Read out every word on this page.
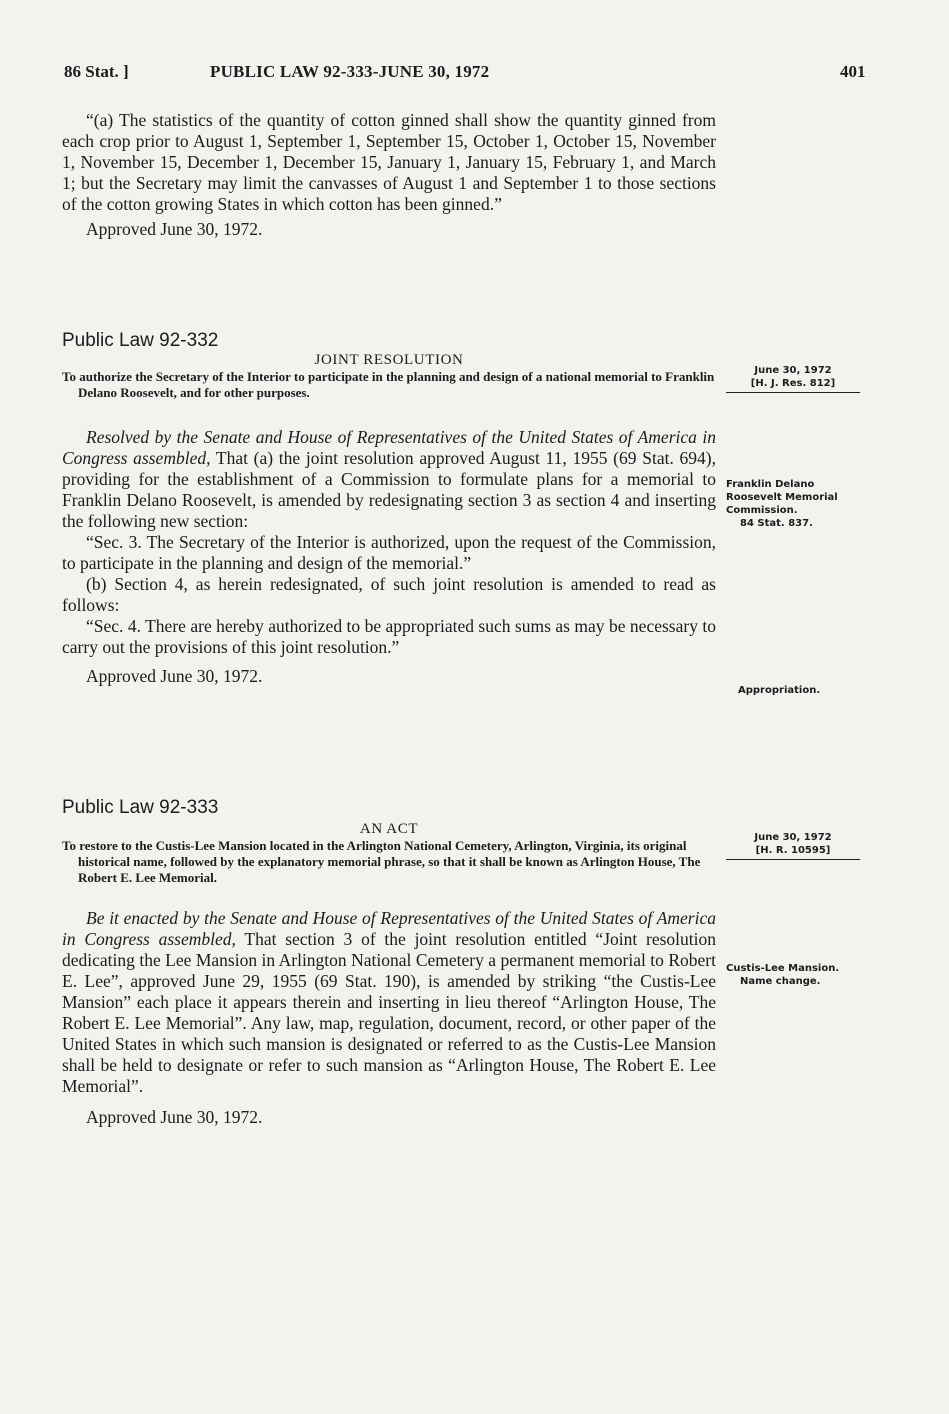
86 Stat. ]	PUBLIC LAW 92-333-JUNE 30, 1972	401

“(a) The statistics of the quantity of cotton ginned shall show the quantity ginned from each crop prior to August 1, September 1, September 15, October 1, October 15, November 1, November 15, December 1, December 15, January 1, January 15, February 1, and March 1; but the Secretary may limit the canvasses of August 1 and September 1 to those sections of the cotton growing States in which cotton has been ginned.”

Approved June 30, 1972.

Public Law 92-332

JOINT RESOLUTION

To authorize the Secretary of the Interior to participate in the planning and design of a national memorial to Franklin Delano Roosevelt, and for other purposes.

Resolved by the Senate and House of Representatives of the United States of America in Congress assembled, That (a) the joint resolution approved August 11, 1955 (69 Stat. 694), providing for the establishment of a Commission to formulate plans for a memorial to Franklin Delano Roosevelt, is amended by redesignating section 3 as section 4 and inserting the following new section:

“Sec. 3. The Secretary of the Interior is authorized, upon the request of the Commission, to participate in the planning and design of the memorial.”

(b) Section 4, as herein redesignated, of such joint resolution is amended to read as follows:

“Sec. 4. There are hereby authorized to be appropriated such sums as may be necessary to carry out the provisions of this joint resolution.”

Approved June 30, 1972.

June 30, 1972
[H. J. Res. 812]
Franklin Delano Roosevelt Memorial Commission.
84 Stat. 837.
Appropriation.

Public Law 92-333

AN ACT

To restore to the Custis-Lee Mansion located in the Arlington National Cemetery, Arlington, Virginia, its original historical name, followed by the explanatory memorial phrase, so that it shall be known as Arlington House, The Robert E. Lee Memorial.

Be it enacted by the Senate and House of Representatives of the United States of America in Congress assembled, That section 3 of the joint resolution entitled “Joint resolution dedicating the Lee Mansion in Arlington National Cemetery a permanent memorial to Robert E. Lee”, approved June 29, 1955 (69 Stat. 190), is amended by striking “the Custis-Lee Mansion” each place it appears therein and inserting in lieu thereof “Arlington House, The Robert E. Lee Memorial”. Any law, map, regulation, document, record, or other paper of the United States in which such mansion is designated or referred to as the Custis-Lee Mansion shall be held to designate or refer to such mansion as “Arlington House, The Robert E. Lee Memorial”.

Approved June 30, 1972.

June 30, 1972
[H. R. 10595]
Custis-Lee Mansion.
Name change.
